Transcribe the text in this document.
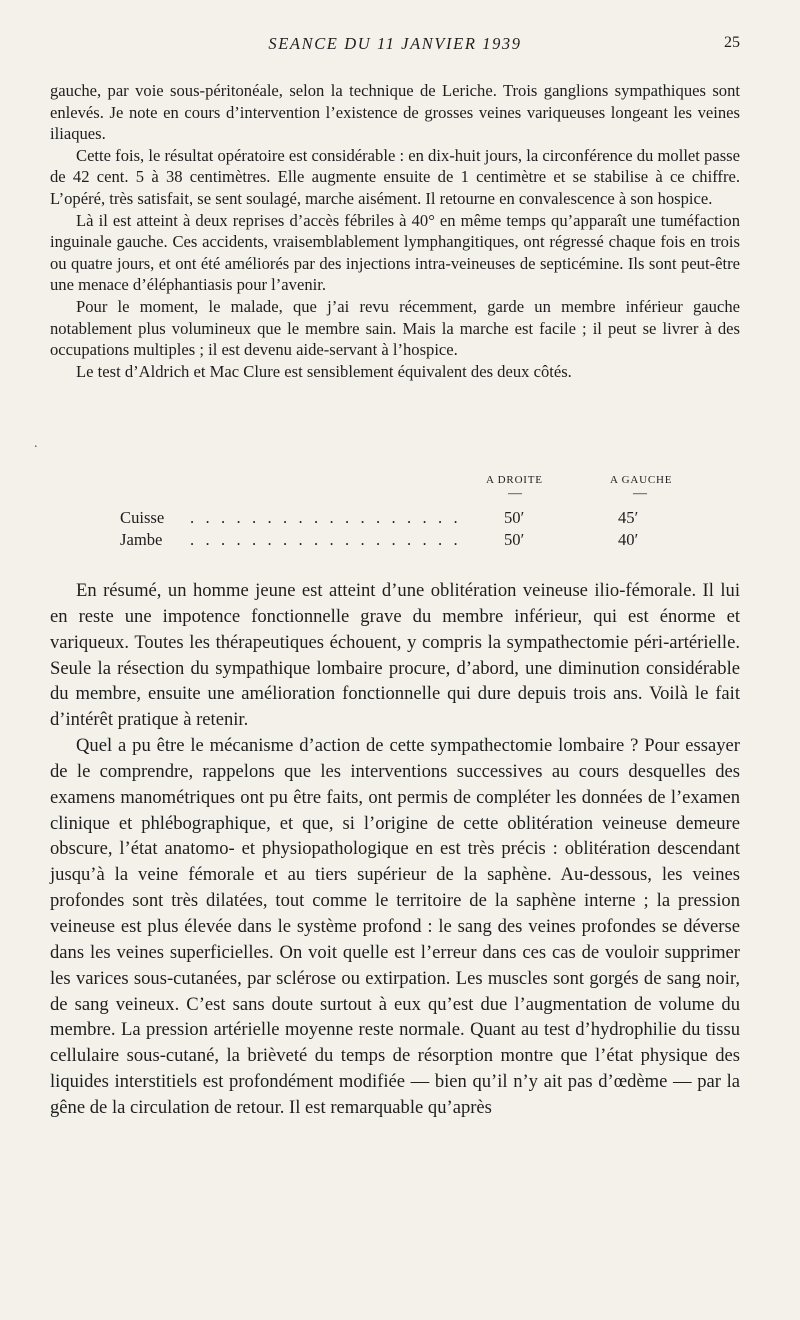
SEANCE DU 11 JANVIER 1939	25

gauche, par voie sous-péritonéale, selon la technique de Leriche. Trois ganglions sympathiques sont enlevés. Je note en cours d’intervention l’existence de grosses veines variqueuses longeant les veines iliaques.

Cette fois, le résultat opératoire est considérable : en dix-huit jours, la circonférence du mollet passe de 42 cent. 5 à 38 centimètres. Elle augmente ensuite de 1 centimètre et se stabilise à ce chiffre. L’opéré, très satisfait, se sent soulagé, marche aisément. Il retourne en convalescence à son hospice.

Là il est atteint à deux reprises d’accès fébriles à 40° en même temps qu’apparaît une tuméfaction inguinale gauche. Ces accidents, vraisemblablement lymphangitiques, ont régressé chaque fois en trois ou quatre jours, et ont été améliorés par des injections intra-veineuses de septicémine. Ils sont peut-être une menace d’éléphantiasis pour l’avenir.

Pour le moment, le malade, que j’ai revu récemment, garde un membre inférieur gauche notablement plus volumineux que le membre sain. Mais la marche est facile ; il peut se livrer à des occupations multiples ; il est devenu aide-servant à l’hospice.

Le test d’Aldrich et Mac Clure est sensiblement équivalent des deux côtés.

.
A DROITE	A GAUCHE
—	—
Cuisse . . . . . . . . . . . . . . . . . .	50′	45′
Jambe . . . . . . . . . . . . . . . . . .	50′	40′

En résumé, un homme jeune est atteint d’une oblitération veineuse ilio-fémorale. Il lui en reste une impotence fonctionnelle grave du membre inférieur, qui est énorme et variqueux. Toutes les thérapeutiques échouent, y compris la sympathectomie péri-artérielle. Seule la résection du sympathique lombaire procure, d’abord, une diminution considérable du membre, ensuite une amélioration fonctionnelle qui dure depuis trois ans. Voilà le fait d’intérêt pratique à retenir.

Quel a pu être le mécanisme d’action de cette sympathectomie lombaire ? Pour essayer de le comprendre, rappelons que les interventions successives au cours desquelles des examens manométriques ont pu être faits, ont permis de compléter les données de l’examen clinique et phlébographique, et que, si l’origine de cette oblitération veineuse demeure obscure, l’état anatomo- et physiopathologique en est très précis : oblitération descendant jusqu’à la veine fémorale et au tiers supérieur de la saphène. Au-dessous, les veines profondes sont très dilatées, tout comme le territoire de la saphène interne ; la pression veineuse est plus élevée dans le système profond : le sang des veines profondes se déverse dans les veines superficielles. On voit quelle est l’erreur dans ces cas de vouloir supprimer les varices sous-cutanées, par sclérose ou extirpation. Les muscles sont gorgés de sang noir, de sang veineux. C’est sans doute surtout à eux qu’est due l’augmentation de volume du membre. La pression artérielle moyenne reste normale. Quant au test d’hydrophilie du tissu cellulaire sous-cutané, la brièveté du temps de résorption montre que l’état physique des liquides interstitiels est profondément modifiée — bien qu’il n’y ait pas d’œdème — par la gêne de la circulation de retour. Il est remarquable qu’après
